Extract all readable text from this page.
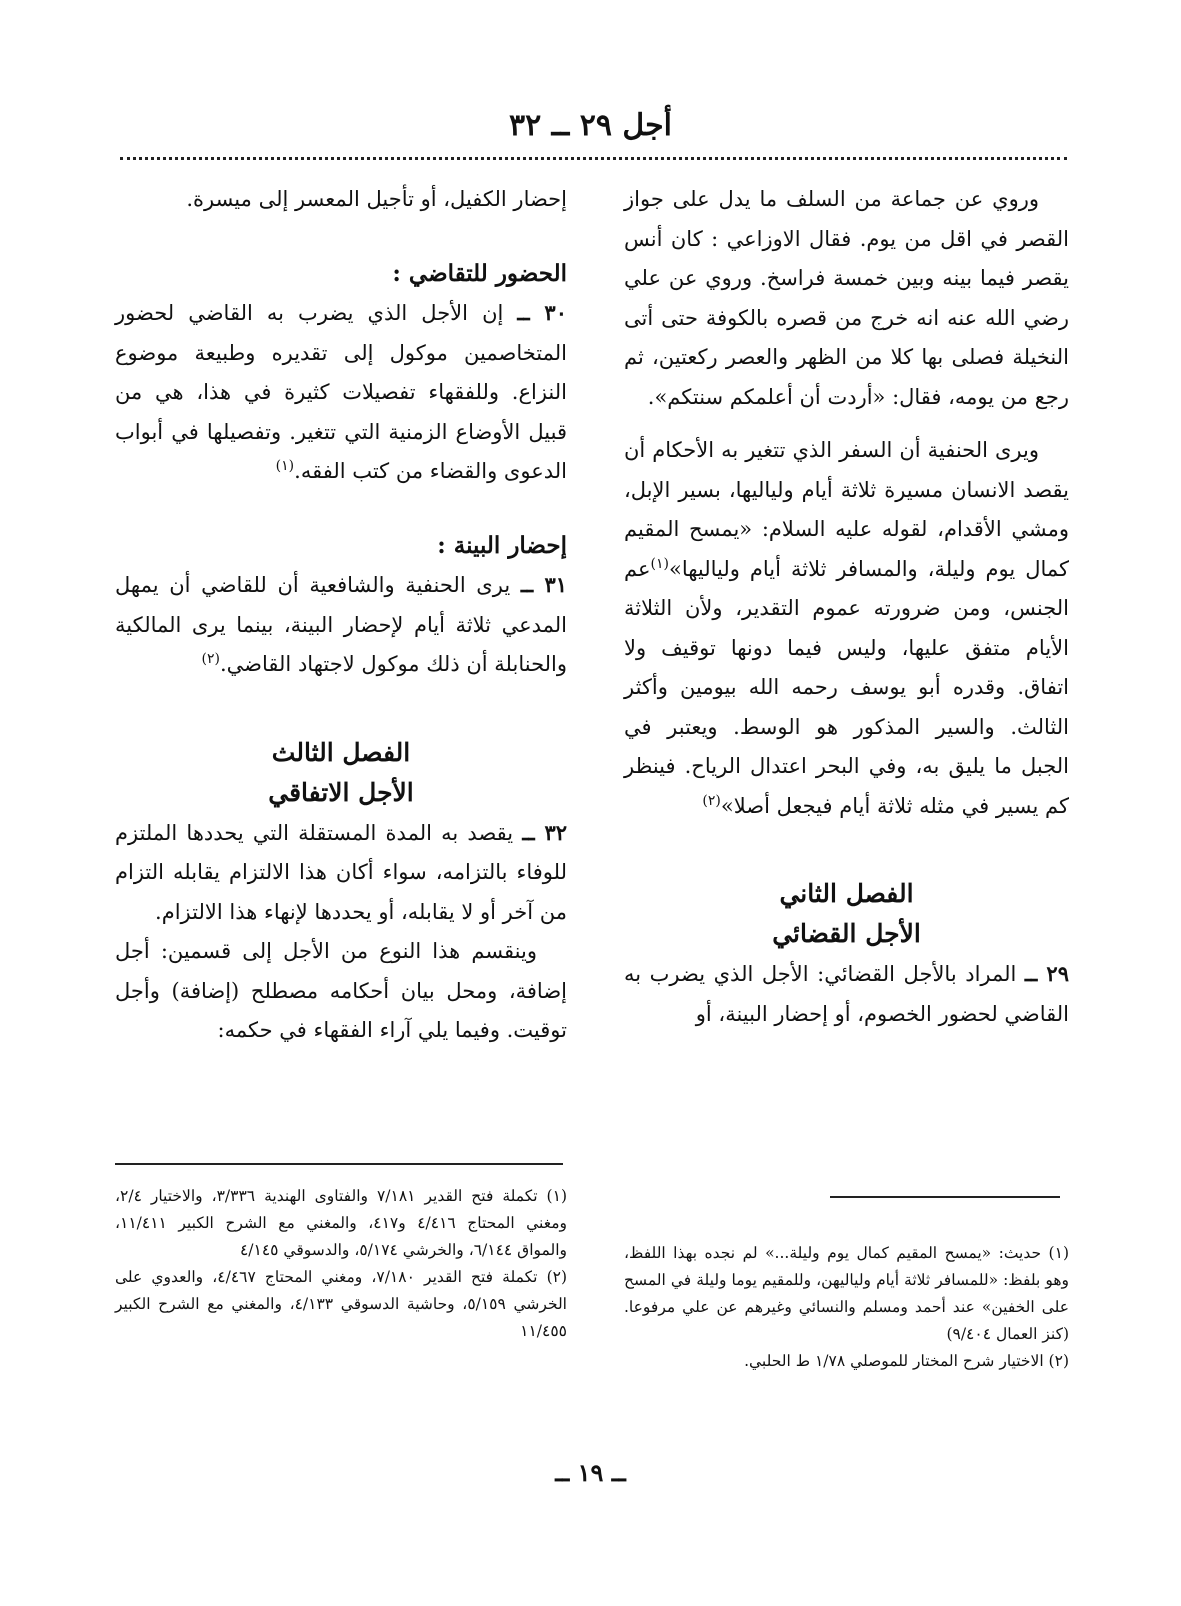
أجل ٢٩ ــ ٣٢

وروي عن جماعة من السلف ما يدل على جواز القصر في اقل من يوم. فقال الاوزاعي : كان أنس يقصر فيما بينه وبين خمسة فراسخ. وروي عن علي رضي الله عنه انه خرج من قصره بالكوفة حتى أتى النخيلة فصلى بها كلا من الظهر والعصر ركعتين، ثم رجع من يومه، فقال: «أردت أن أعلمكم سنتكم».

ويرى الحنفية أن السفر الذي تتغير به الأحكام أن يقصد الانسان مسيرة ثلاثة أيام ولياليها، بسير الإبل، ومشي الأقدام، لقوله عليه السلام: «يمسح المقيم كمال يوم وليلة، والمسافر ثلاثة أيام ولياليها»$^{(١)}$عم الجنس، ومن ضرورته عموم التقدير، ولأن الثلاثة الأيام متفق عليها، وليس فيما دونها توقيف ولا اتفاق. وقدره أبو يوسف رحمه الله بيومين وأكثر الثالث. والسير المذكور هو الوسط. ويعتبر في الجبل ما يليق به، وفي البحر اعتدال الرياح. فينظر كم يسير في مثله ثلاثة أيام فيجعل أصلا»$^{(٢)}$

الفصل الثاني
الأجل القضائي

٢٩ ــ المراد بالأجل القضائي: الأجل الذي يضرب به القاضي لحضور الخصوم، أو إحضار البينة، أو

إحضار الكفيل، أو تأجيل المعسر إلى ميسرة.

الحضور للتقاضي :

٣٠ ــ إن الأجل الذي يضرب به القاضي لحضور المتخاصمين موكول إلى تقديره وطبيعة موضوع النزاع. وللفقهاء تفصيلات كثيرة في هذا، هي من قبيل الأوضاع الزمنية التي تتغير. وتفصيلها في أبواب الدعوى والقضاء من كتب الفقه.$^{(١)}$

إحضار البينة :

٣١ ــ يرى الحنفية والشافعية أن للقاضي أن يمهل المدعي ثلاثة أيام لإحضار البينة، بينما يرى المالكية والحنابلة أن ذلك موكول لاجتهاد القاضي.$^{(٢)}$

الفصل الثالث
الأجل الاتفاقي

٣٢ ــ يقصد به المدة المستقلة التي يحددها الملتزم للوفاء بالتزامه، سواء أكان هذا الالتزام يقابله التزام من آخر أو لا يقابله، أو يحددها لإنهاء هذا الالتزام.

وينقسم هذا النوع من الأجل إلى قسمين: أجل إضافة، ومحل بيان أحكامه مصطلح (إضافة) وأجل توقيت. وفيما يلي آراء الفقهاء في حكمه:

(١) تكملة فتح القدير ٧/١٨١ والفتاوى الهندية ٣/٣٣٦، والاختيار ٢/٤، ومغني المحتاج ٤/٤١٦ و٤١٧، والمغني مع الشرح الكبير ١١/٤١١، والمواق ٦/١٤٤، والخرشي ٥/١٧٤، والدسوقي ٤/١٤٥

(٢) تكملة فتح القدير ٧/١٨٠، ومغني المحتاج ٤/٤٦٧، والعدوي على الخرشي ٥/١٥٩، وحاشية الدسوقي ٤/١٣٣، والمغني مع الشرح الكبير ١١/٤٥٥

(١) حديث: «يمسح المقيم كمال يوم وليلة...» لم نجده بهذا اللفظ، وهو بلفظ: «للمسافر ثلاثة أيام ولياليهن، وللمقيم يوما وليلة في المسح على الخفين» عند أحمد ومسلم والنسائي وغيرهم عن علي مرفوعا. (كنز العمال ٩/٤٠٤)

(٢) الاختيار شرح المختار للموصلي ١/٧٨ ط الحلبي.

ــ ١٩ ــ
